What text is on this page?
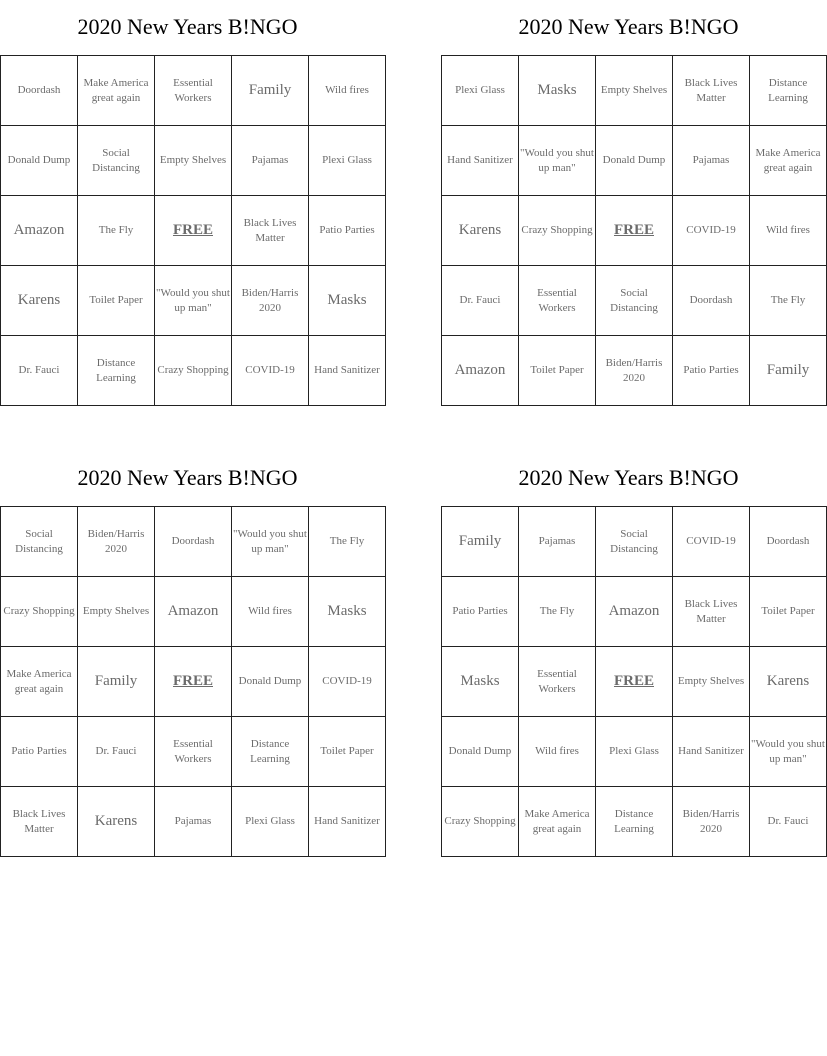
2020 New Years B!NGO
Doordash	Make America great again	Essential Workers	Family	Wild fires
Donald Dump	Social Distancing	Empty Shelves	Pajamas	Plexi Glass
Amazon	The Fly	FREE	Black Lives Matter	Patio Parties
Karens	Toilet Paper	"Would you shut up man"	Biden/Harris 2020	Masks
Dr. Fauci	Distance Learning	Crazy Shopping	COVID-19	Hand Sanitizer
2020 New Years B!NGO
Plexi Glass	Masks	Empty Shelves	Black Lives Matter	Distance Learning
Hand Sanitizer	"Would you shut up man"	Donald Dump	Pajamas	Make America great again
Karens	Crazy Shopping	FREE	COVID-19	Wild fires
Dr. Fauci	Essential Workers	Social Distancing	Doordash	The Fly
Amazon	Toilet Paper	Biden/Harris 2020	Patio Parties	Family
2020 New Years B!NGO
Social Distancing	Biden/Harris 2020	Doordash	"Would you shut up man"	The Fly
Crazy Shopping	Empty Shelves	Amazon	Wild fires	Masks
Make America great again	Family	FREE	Donald Dump	COVID-19
Patio Parties	Dr. Fauci	Essential Workers	Distance Learning	Toilet Paper
Black Lives Matter	Karens	Pajamas	Plexi Glass	Hand Sanitizer
2020 New Years B!NGO
Family	Pajamas	Social Distancing	COVID-19	Doordash
Patio Parties	The Fly	Amazon	Black Lives Matter	Toilet Paper
Masks	Essential Workers	FREE	Empty Shelves	Karens
Donald Dump	Wild fires	Plexi Glass	Hand Sanitizer	"Would you shut up man"
Crazy Shopping	Make America great again	Distance Learning	Biden/Harris 2020	Dr. Fauci
